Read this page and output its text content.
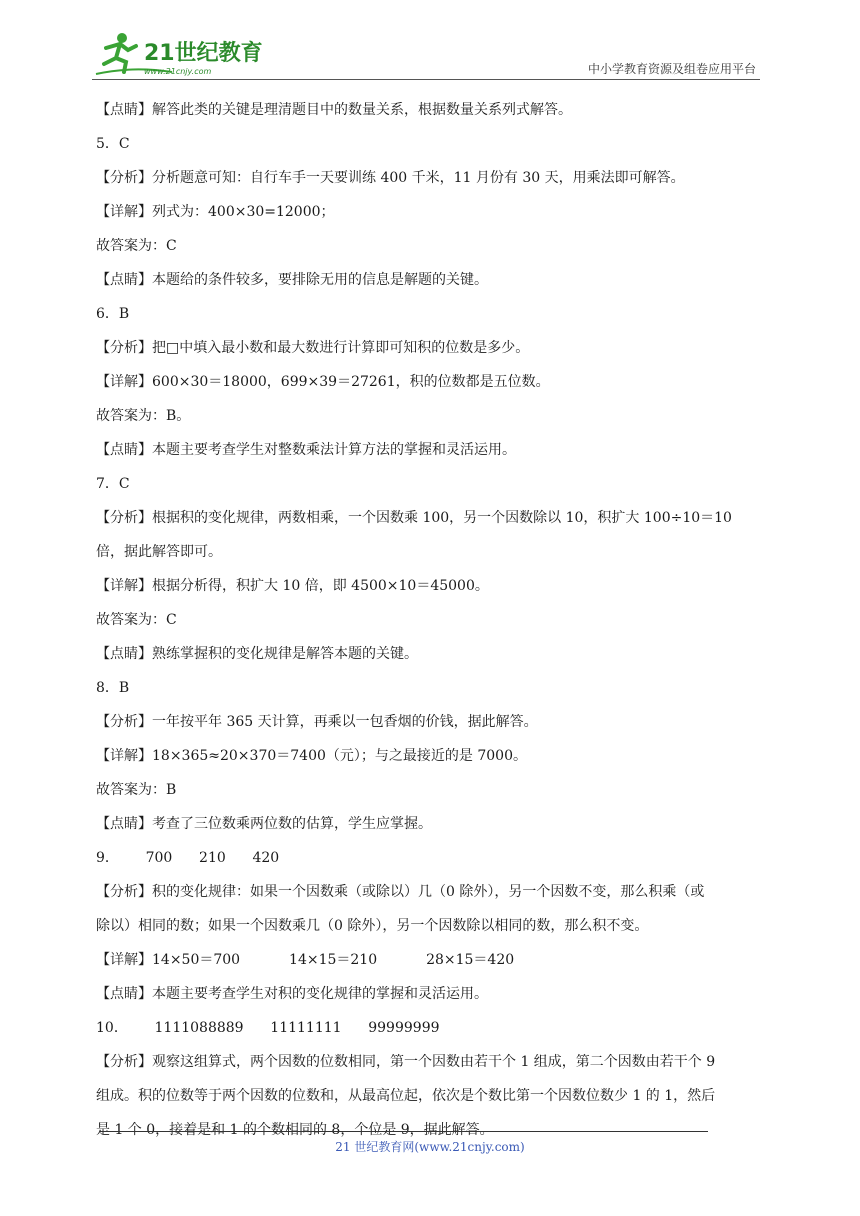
21世纪教育
www.21cnjy.com	中小学教育资源及组卷应用平台
【点睛】解答此类的关键是理清题目中的数量关系，根据数量关系列式解答。
5．C
【分析】分析题意可知：自行车手一天要训练 400 千米，11 月份有 30 天，用乘法即可解答。
【详解】列式为：400×30=12000；
故答案为：C
【点睛】本题给的条件较多，要排除无用的信息是解题的关键。
6．B
【分析】把□中填入最小数和最大数进行计算即可知积的位数是多少。
【详解】600×30＝18000，699×39＝27261，积的位数都是五位数。
故答案为：B。
【点睛】本题主要考查学生对整数乘法计算方法的掌握和灵活运用。
7．C
【分析】根据积的变化规律，两数相乘，一个因数乘 100，另一个因数除以 10，积扩大 100÷10＝10
倍，据此解答即可。
【详解】根据分析得，积扩大 10 倍，即 4500×10＝45000。
故答案为：C
【点睛】熟练掌握积的变化规律是解答本题的关键。
8．B
【分析】一年按平年 365 天计算，再乘以一包香烟的价钱，据此解答。
【详解】18×365≈20×370＝7400（元）；与之最接近的是 7000。
故答案为：B
【点睛】考查了三位数乘两位数的估算，学生应掌握。
9．      700      210      420
【分析】积的变化规律：如果一个因数乘（或除以）几（0 除外），另一个因数不变，那么积乘（或
除以）相同的数；如果一个因数乘几（0 除外），另一个因数除以相同的数，那么积不变。
【详解】14×50＝700           14×15＝210           28×15＝420
【点睛】本题主要考查学生对积的变化规律的掌握和灵活运用。
10．      1111088889      11111111      99999999
【分析】观察这组算式，两个因数的位数相同，第一个因数由若干个 1 组成，第二个因数由若干个 9
组成。积的位数等于两个因数的位数和，从最高位起，依次是个数比第一个因数位数少 1 的 1，然后
是 1 个 0，接着是和 1 的个数相同的 8，个位是 9，据此解答。
21 世纪教育网(www.21cnjy.com)
